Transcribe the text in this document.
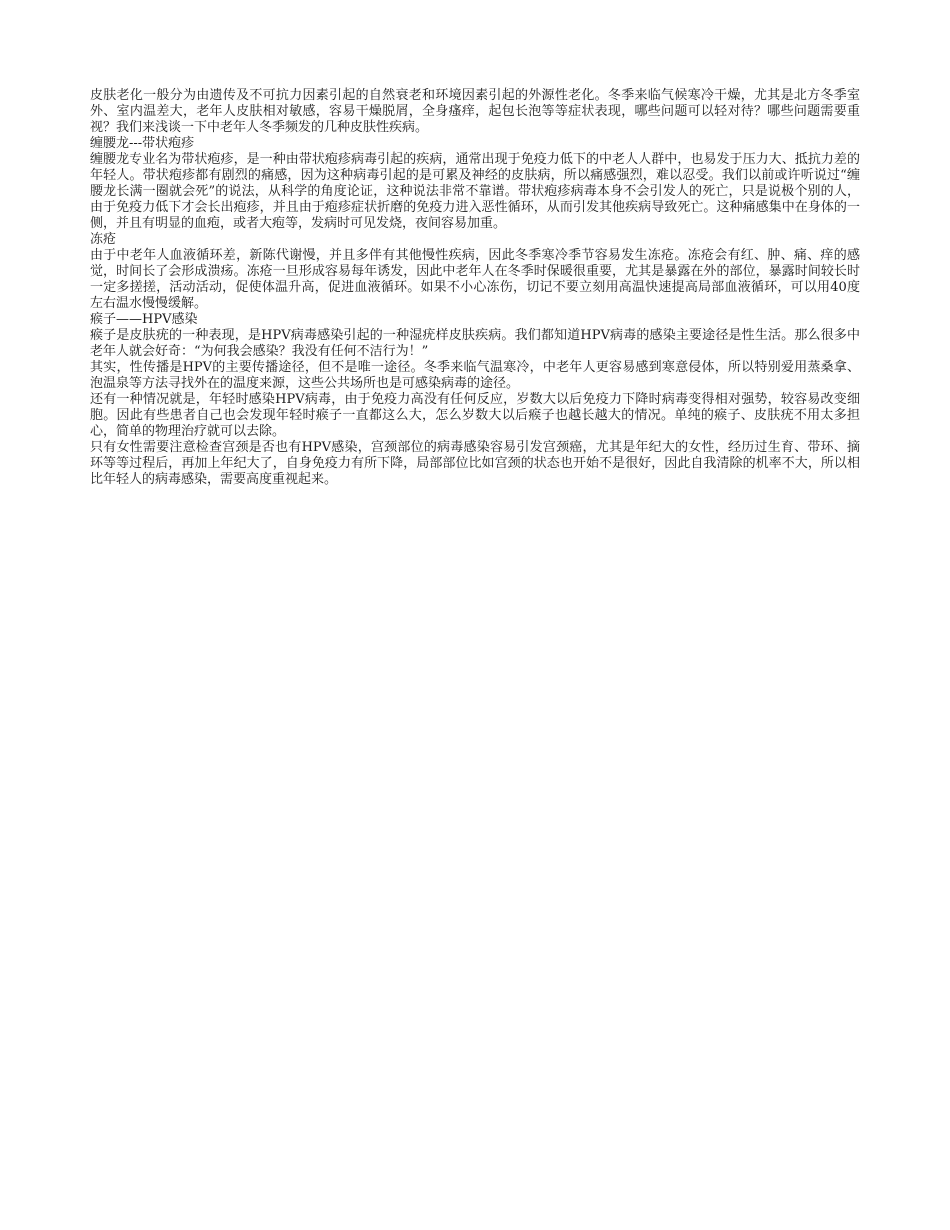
皮肤老化一般分为由遗传及不可抗力因素引起的自然衰老和环境因素引起的外源性老化。冬季来临气候寒冷干燥，尤其是北方冬季室外、室内温差大，老年人皮肤相对敏感，容易干燥脱屑，全身瘙痒，起包长泡等等症状表现，哪些问题可以轻对待？哪些问题需要重视？我们来浅谈一下中老年人冬季频发的几种皮肤性疾病。

缠腰龙---带状疱疹

缠腰龙专业名为带状疱疹，是一种由带状疱疹病毒引起的疾病，通常出现于免疫力低下的中老人人群中，也易发于压力大、抵抗力差的年轻人。带状疱疹都有剧烈的痛感，因为这种病毒引起的是可累及神经的皮肤病，所以痛感强烈，难以忍受。我们以前或许听说过“缠腰龙长满一圈就会死”的说法，从科学的角度论证，这种说法非常不靠谱。带状疱疹病毒本身不会引发人的死亡，只是说极个别的人，由于免疫力低下才会长出疱疹，并且由于疱疹症状折磨的免疫力进入恶性循环，从而引发其他疾病导致死亡。这种痛感集中在身体的一侧，并且有明显的血疱，或者大疱等，发病时可见发烧，夜间容易加重。

冻疮

由于中老年人血液循环差，新陈代谢慢，并且多伴有其他慢性疾病，因此冬季寒冷季节容易发生冻疮。冻疮会有红、肿、痛、痒的感觉，时间长了会形成溃疡。冻疮一旦形成容易每年诱发，因此中老年人在冬季时保暖很重要，尤其是暴露在外的部位，暴露时间较长时一定多搓搓，活动活动，促使体温升高，促进血液循环。如果不小心冻伤，切记不要立刻用高温快速提高局部血液循环，可以用40度左右温水慢慢缓解。

瘊子——HPV感染

瘊子是皮肤疣的一种表现，是HPV病毒感染引起的一种湿疣样皮肤疾病。我们都知道HPV病毒的感染主要途径是性生活。那么很多中老年人就会好奇：“为何我会感染？我没有任何不洁行为！”

其实，性传播是HPV的主要传播途径，但不是唯一途径。冬季来临气温寒冷，中老年人更容易感到寒意侵体，所以特别爱用蒸桑拿、泡温泉等方法寻找外在的温度来源，这些公共场所也是可感染病毒的途径。

还有一种情况就是，年轻时感染HPV病毒，由于免疫力高没有任何反应，岁数大以后免疫力下降时病毒变得相对强势，较容易改变细胞。因此有些患者自己也会发现年轻时瘊子一直都这么大，怎么岁数大以后瘊子也越长越大的情况。单纯的瘊子、皮肤疣不用太多担心，简单的物理治疗就可以去除。

只有女性需要注意检查宫颈是否也有HPV感染，宫颈部位的病毒感染容易引发宫颈癌，尤其是年纪大的女性，经历过生育、带环、摘环等等过程后，再加上年纪大了，自身免疫力有所下降，局部部位比如宫颈的状态也开始不是很好，因此自我清除的机率不大，所以相比年轻人的病毒感染，需要高度重视起来。
